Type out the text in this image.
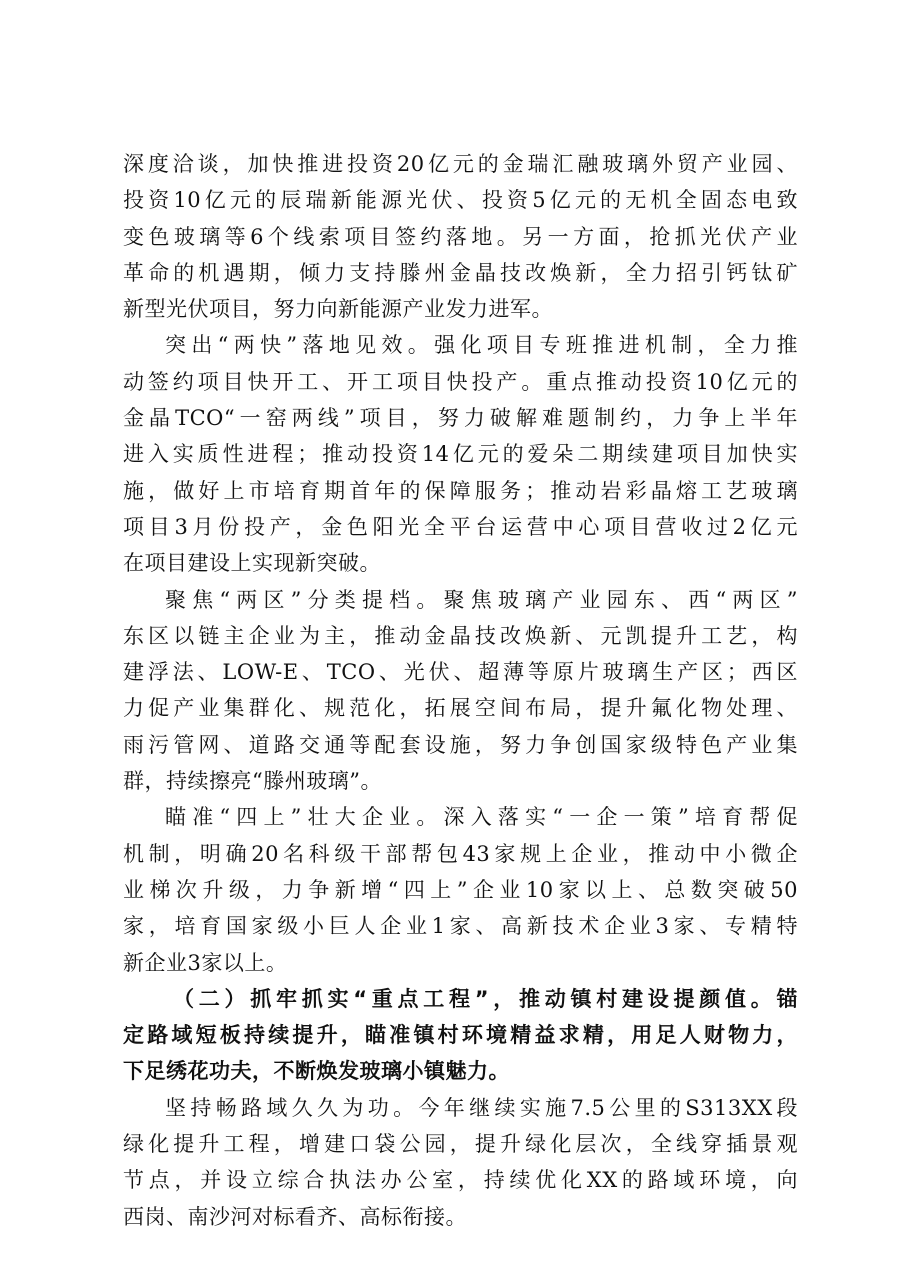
深度洽谈，加快推进投资20亿元的金瑞汇融玻璃外贸产业园、
投资10亿元的辰瑞新能源光伏、投资5亿元的无机全固态电致
变色玻璃等6个线索项目签约落地。另一方面，抢抓光伏产业
革命的机遇期，倾力支持滕州金晶技改焕新，全力招引钙钛矿
新型光伏项目，努力向新能源产业发力进军。
突出“两快”落地见效。强化项目专班推进机制，全力推
动签约项目快开工、开工项目快投产。重点推动投资10亿元的
金晶TCO“一窑两线”项目，努力破解难题制约，力争上半年
进入实质性进程；推动投资14亿元的爱朵二期续建项目加快实
施，做好上市培育期首年的保障服务；推动岩彩晶熔工艺玻璃
项目3月份投产，金色阳光全平台运营中心项目营收过2亿元
在项目建设上实现新突破。
聚焦“两区”分类提档。聚焦玻璃产业园东、西“两区”
东区以链主企业为主，推动金晶技改焕新、元凯提升工艺，构
建浮法、LOW-E、TCO、光伏、超薄等原片玻璃生产区；西区
力促产业集群化、规范化，拓展空间布局，提升氟化物处理、
雨污管网、道路交通等配套设施，努力争创国家级特色产业集
群，持续擦亮“滕州玻璃”。
瞄准“四上”壮大企业。深入落实“一企一策”培育帮促
机制，明确20名科级干部帮包43家规上企业，推动中小微企
业梯次升级，力争新增“四上”企业10家以上、总数突破50
家，培育国家级小巨人企业1家、高新技术企业3家、专精特
新企业3家以上。
（二）抓牢抓实“重点工程”，推动镇村建设提颜值。锚
定路域短板持续提升，瞄准镇村环境精益求精，用足人财物力，
下足绣花功夫，不断焕发玻璃小镇魅力。
坚持畅路域久久为功。今年继续实施7.5公里的S313XX段
绿化提升工程，增建口袋公园，提升绿化层次，全线穿插景观
节点，并设立综合执法办公室，持续优化XX的路域环境，向
西岗、南沙河对标看齐、高标衔接。
